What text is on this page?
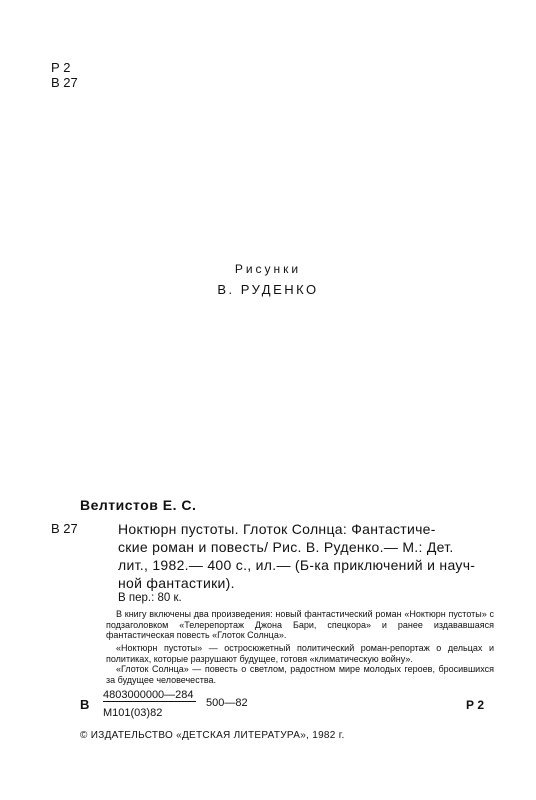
Р 2
В 27
Рисунки
В. РУДЕНКО
Велтистов Е. С.
В 27	Ноктюрн пустоты. Глоток Солнца: Фантастиче-
ские роман и повесть/ Рис. В. Руденко.— М.: Дет.
лит., 1982.— 400 с., ил.— (Б-ка приключений и науч-
ной фантастики).
В пер.: 80 к.

В книгу включены два произведения: новый фантастический роман «Ноктюрн пустоты» с подзаголовком «Телерепортаж Джона Бари, спецкора» и ранее издававшаяся фантастическая повесть «Глоток Солнца».

«Ноктюрн пустоты» — остросюжетный политический роман-репортаж о дельцах и политиках, которые разрушают будущее, готовя «климатическую войну».

«Глоток Солнца» — повесть о светлом, радостном мире молодых героев, бросившихся за будущее человечества.

В
4803000000—284
М101(03)82
500—82	Р 2
© ИЗДАТЕЛЬСТВО «ДЕТСКАЯ ЛИТЕРАТУРА», 1982 г.
